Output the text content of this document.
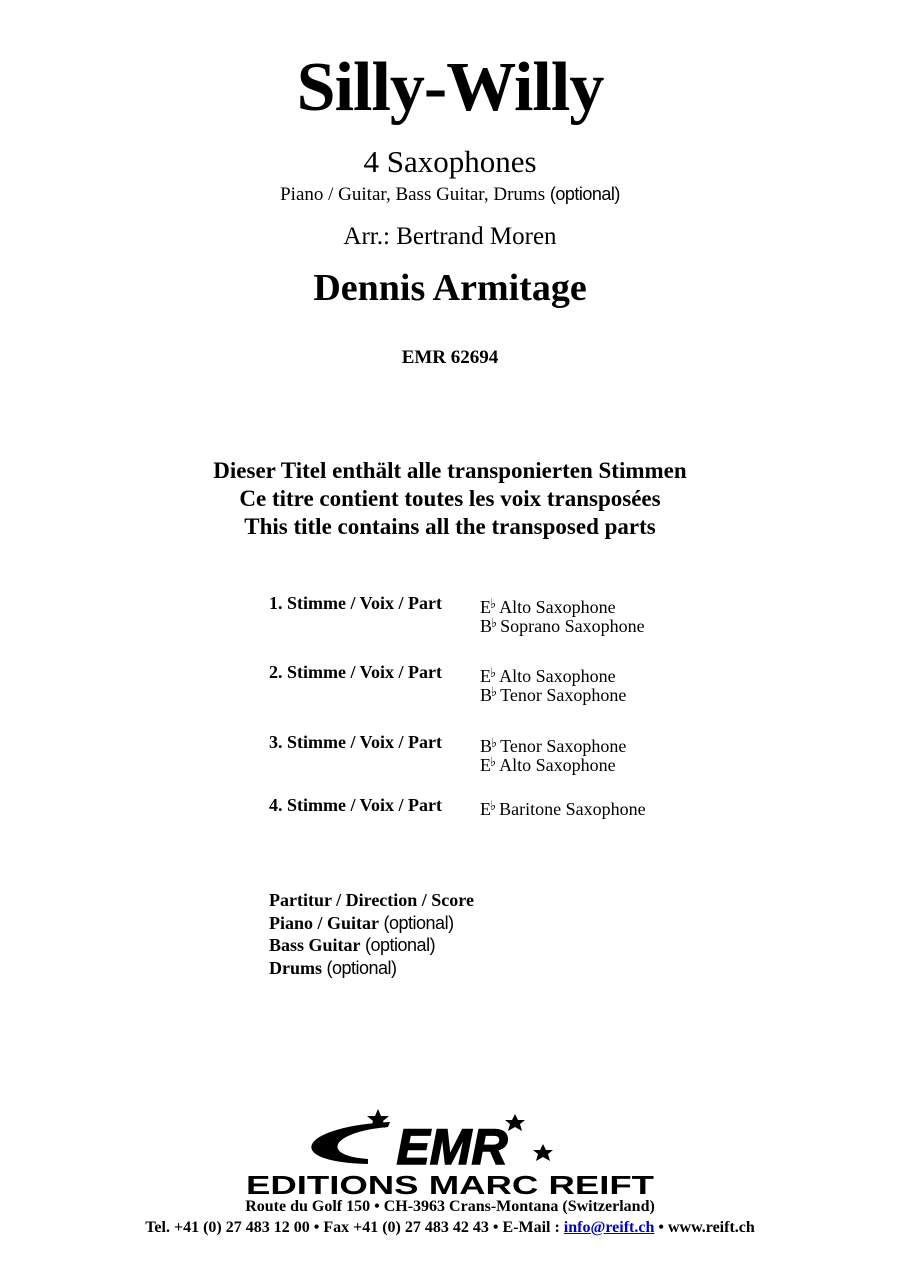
Silly-Willy
4 Saxophones
Piano / Guitar, Bass Guitar, Drums (optional)
Arr.: Bertrand Moren
Dennis Armitage
EMR 62694
Dieser Titel enthält alle transponierten Stimmen
Ce titre contient toutes les voix transposées
This title contains all the transposed parts
1. Stimme / Voix / Part E♭ Alto Saxophone
B♭ Soprano Saxophone
2. Stimme / Voix / Part E♭ Alto Saxophone
B♭ Tenor Saxophone
3. Stimme / Voix / Part B♭ Tenor Saxophone
E♭ Alto Saxophone
4. Stimme / Voix / Part E♭ Baritone Saxophone
Partitur / Direction / Score
Piano / Guitar (optional)
Bass Guitar (optional)
Drums (optional)
EMR
EDITIONS MARC REIFT
Route du Golf 150 • CH-3963 Crans-Montana (Switzerland)
Tel. +41 (0) 27 483 12 00 • Fax +41 (0) 27 483 42 43 • E-Mail : info@reift.ch • www.reift.ch
